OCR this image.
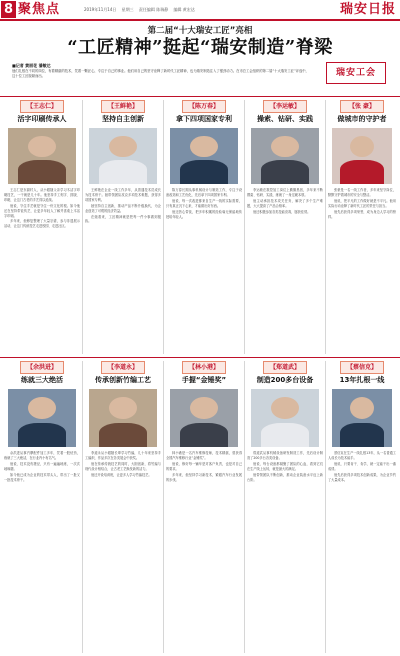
8 聚焦点	2019年11月14日 星期三 责任编辑 陈瑞静 编辑 黄宏达	瑞安日报
第二届“十大瑞安工匠”亮相
“工匠精神”挺起“瑞安制造”脊梁
■记者 黄丽花 潘敏达
他们扎根在不同的岗位，有着精湛的技术，凭着一颗匠心，专注于自己的事业。他们用自己的坚守诠释了新时代工匠精神，也为瑞安制造注入了强劲动力。在市总工会组织的第二届“十大瑞安工匠”评选中，这十位工匠脱颖而出。	瑞安工会
【王志仁】
活字印刷传承人

王志仁是东源村人，从小跟随父亲学习木活字印刷技艺，一干就是几十年。他坚持手工刻字、排版、印刷，让这门古老的手艺得以延续。

他说，守住手艺就是守住一份文化的根。如今他还在坚持带徒传艺，让更多年轻人了解并喜欢上木活字印刷。

多年来，他修复整理了大量宗谱，参与非遗展示活动，让这门传统技艺走进校园、走进社区。

【王鲜艳】
坚持自主创新

王鲜艳在企业一线工作多年，从普通技术员成长为技术骨干。她带领团队攻克多项技术难题，获得多项国家专利。

她坚持自主创新，推动产品不断升级换代，为企业创造了可观的经济效益。

在她看来，工匠精神就是把每一件小事做到极致。

【陈万春】
拿下四项国家专利

陈万春长期从事机械设计与制造工作，专注于设备改造和工艺优化，先后拿下四项国家专利。

他说，每一次改进都来自生产一线的实际需要，只有真正沉下心来，才能做出好东西。

他还热心带徒，把多年积累的经验毫无保留地传授给年轻人。

【李运敏】
操索、钻研、实践

李运敏在数控加工岗位上勤勤恳恳，多年来不断摸索、钻研、实践，练就了一身过硬本领。

他主动承担技术攻关任务，解决了多个生产难题，大大提高了产品合格率。

他还积极参加各类技能竞赛，屡获佳绩。

【张 豪】
做城市的守护者

张豪是一名一线工作者，多年来坚守岗位，默默守护着城市的安全与整洁。

他说，把平凡的工作做好就是不平凡。他用实际行动诠释了新时代工匠的责任与担当。

他先后获得多项荣誉，成为身边人学习的榜样。

【余洪进】
练就三大绝活

余洪进从事汽摩配件加工多年，凭着一股钻劲，练就了三大绝活，在行业内小有名气。

他说，技术没有捷径，只有一遍遍地练，一次次地琢磨。

如今他已成为企业的技术带头人，带出了一批又一批技术骨干。

【李道永】
传承创新竹编工艺

李道永从小跟随长辈学习竹编，几十年来坚持手工编织，作品多次在各类展会中获奖。

他在传承传统技艺的同时，大胆创新，将竹编与现代设计相结合，让古老工艺焕发新的活力。

他还开设培训班，让更多人学习竹编技艺。

【林小港】
手握“金锤奖”

林小港是一名汽车维修技师，技术精湛，曾获得全国汽车维修行业“金锤奖”。

他说，修好每一辆车是对客户负责，也是对自己的要求。

多年来，他坚持学习新技术，紧跟汽车行业发展的步伐。

【郑道武】
制造200多台设备

郑道武从事机械设备研发制造工作，先后设计制造了200多台各类设备。

他说，每台设备都凝聚了团队的心血，看到它们在生产线上运转，就是最大的满足。

他带领团队不断创新，推动企业装备水平迈上新台阶。

【蔡信克】
13年扎根一线

蔡信克在生产一线扎根13年，从一名普通工人成长为技术能手。

他说，只要肯干、肯学，就一定能干出一番成绩。

他先后获得多项技术创新成果，为企业节约了大量成本。
